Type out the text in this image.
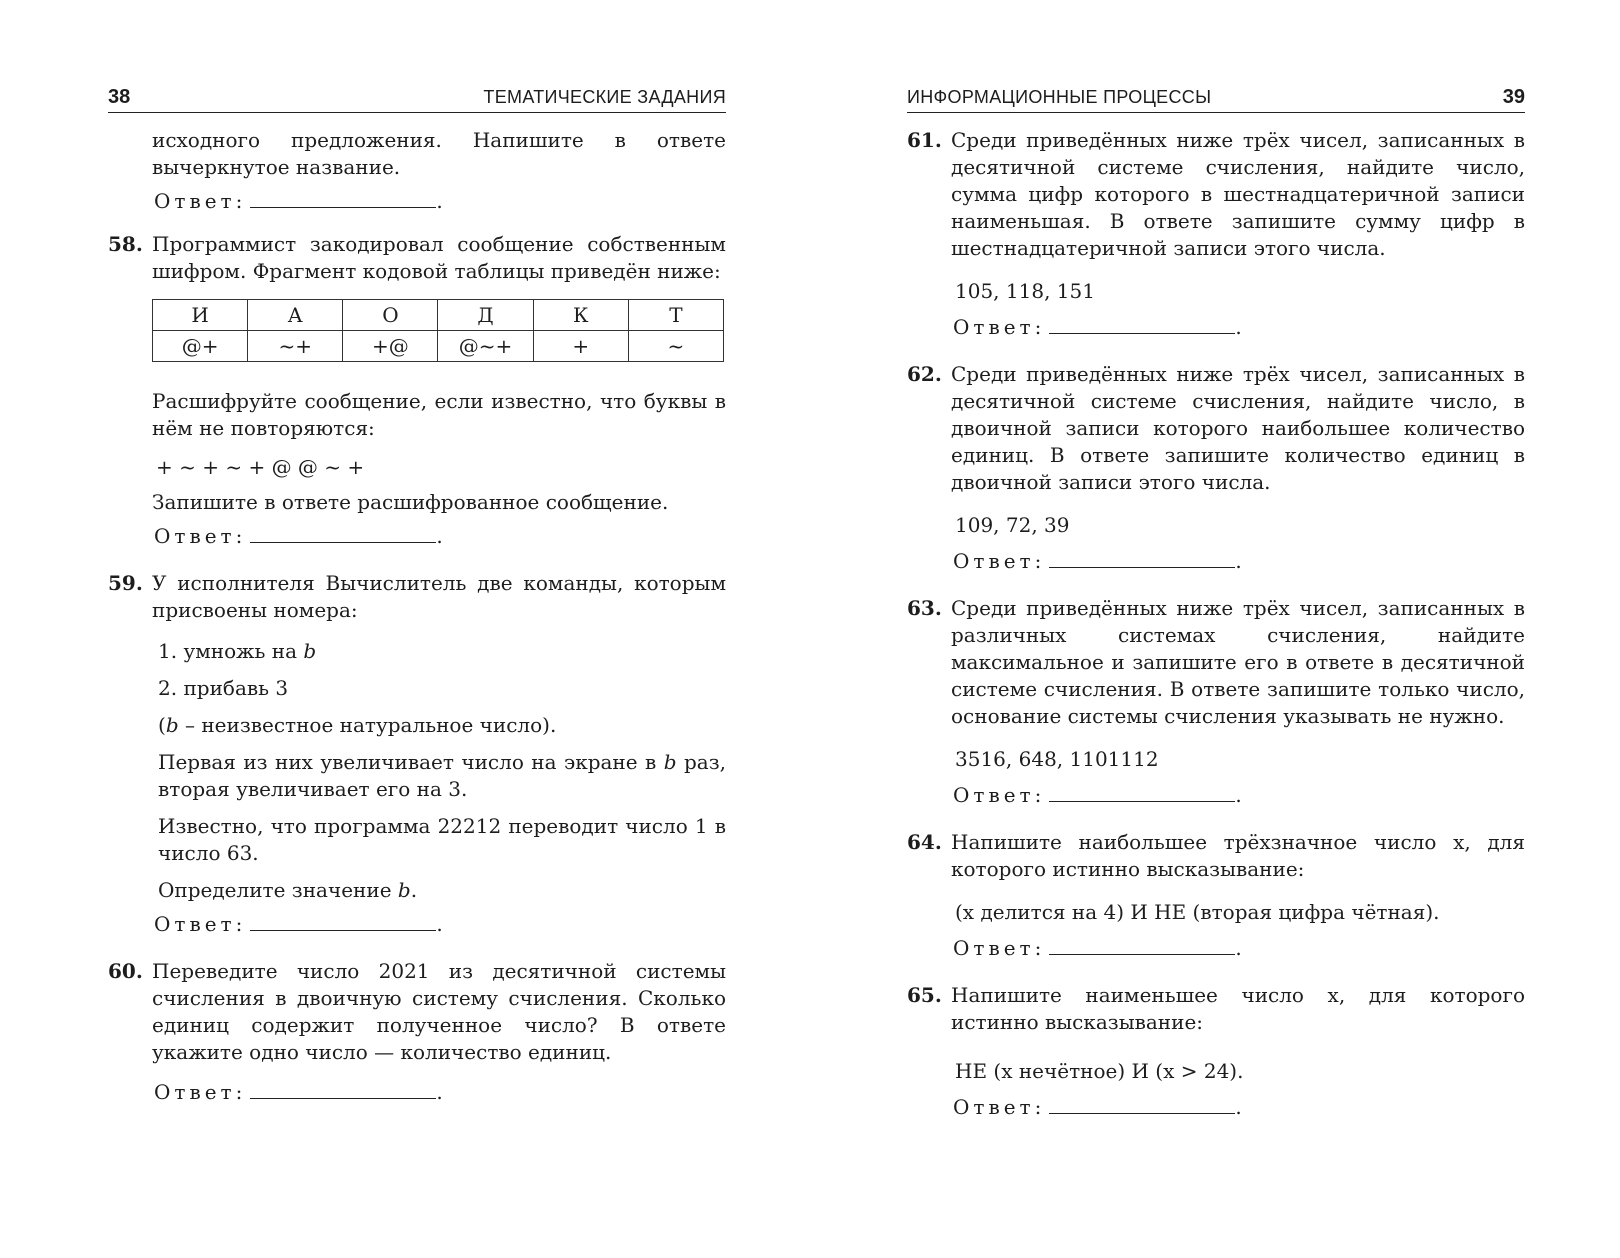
38	ТЕМАТИЧЕСКИЕ ЗАДАНИЯ

исходного предложения. Напишите в ответе вычеркнутое название.

Ответ:	.
58. Программист закодировал сообщение собственным шифром. Фрагмент кодовой таблицы приведён ниже:

И	А	О	Д	К	Т
@+	~+	+@	@~+	+	~

Расшифруйте сообщение, если известно, что буквы в нём не повторяются:

+ ~ + ~ + @ @ ~ +

Запишите в ответе расшифрованное сообщение.

Ответ:	.
59. У исполнителя Вычислитель две команды, которым присвоены номера:

1. умножь на b

2. прибавь 3

(b – неизвестное натуральное число).

Первая из них увеличивает число на экране в b раз, вторая увеличивает его на 3.

Известно, что программа 22212 переводит число 1 в число 63.

Определите значение b.

Ответ:	.
60. Переведите число 2021 из десятичной системы счисления в двоичную систему счисления. Сколько единиц содержит полученное число? В ответе укажите одно число — количество единиц.

Ответ:	.
ИНФОРМАЦИОННЫЕ ПРОЦЕССЫ	39
61. Среди приведённых ниже трёх чисел, записанных в десятичной системе счисления, найдите число, сумма цифр которого в шестнадцатеричной записи наименьшая. В ответе запишите сумму цифр в шестнадцатеричной записи этого числа.

105, 118, 151

Ответ:	.
62. Среди приведённых ниже трёх чисел, записанных в десятичной системе счисления, найдите число, в двоичной записи которого наибольшее количество единиц. В ответе запишите количество единиц в двоичной записи этого числа.

109, 72, 39

Ответ:	.
63. Среди приведённых ниже трёх чисел, записанных в различных системах счисления, найдите максимальное и запишите его в ответе в десятичной системе счисления. В ответе запишите только число, основание системы счисления указывать не нужно.

3516, 648, 1101112

Ответ:	.
64. Напишите наибольшее трёхзначное число x, для которого истинно высказывание:

(x делится на 4) И НЕ (вторая цифра чётная).

Ответ:	.
65. Напишите наименьшее число x, для которого истинно высказывание:

НЕ (x нечётное) И (x > 24).

Ответ:	.
